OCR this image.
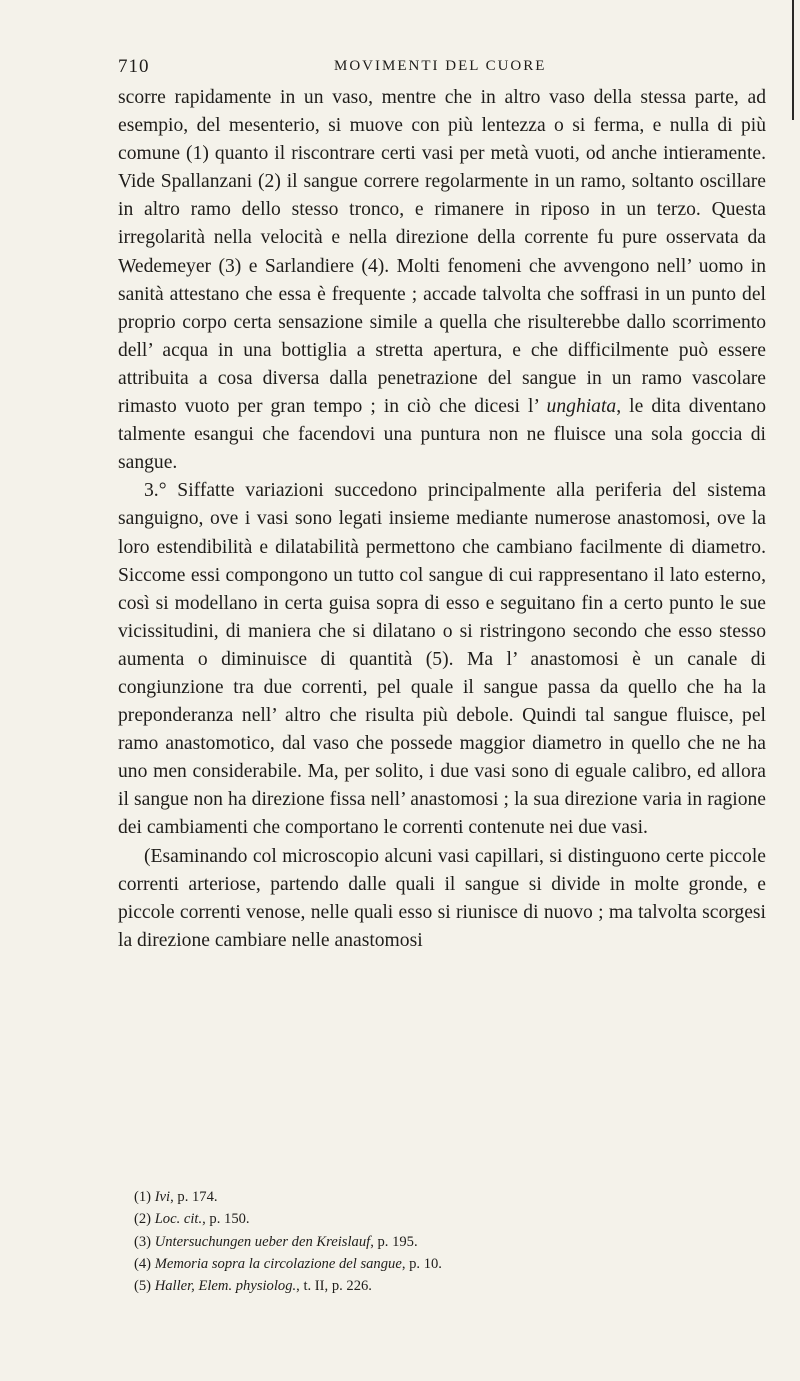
710	MOVIMENTI DEL CUORE

scorre rapidamente in un vaso, mentre che in altro vaso della stessa parte, ad esempio, del mesenterio, si muove con più lentezza o si ferma, e nulla di più comune (1) quanto il riscontrare certi vasi per metà vuoti, od anche intieramente. Vide Spallanzani (2) il sangue correre regolarmente in un ramo, soltanto oscillare in altro ramo dello stesso tronco, e rimanere in riposo in un terzo. Questa irregolarità nella velocità e nella direzione della corrente fu pure osservata da Wedemeyer (3) e Sarlandiere (4). Molti fenomeni che avvengono nell’ uomo in sanità attestano che essa è frequente ; accade talvolta che soffrasi in un punto del proprio corpo certa sensazione simile a quella che risulterebbe dallo scorrimento dell’ acqua in una bottiglia a stretta apertura, e che difficilmente può essere attribuita a cosa diversa dalla penetrazione del sangue in un ramo vascolare rimasto vuoto per gran tempo ; in ciò che dicesi l’ unghiata, le dita diventano talmente esangui che facendovi una puntura non ne fluisce una sola goccia di sangue.

3.° Siffatte variazioni succedono principalmente alla periferia del sistema sanguigno, ove i vasi sono legati insieme mediante numerose anastomosi, ove la loro estendibilità e dilatabilità permettono che cambiano facilmente di diametro. Siccome essi compongono un tutto col sangue di cui rappresentano il lato esterno, così si modellano in certa guisa sopra di esso e seguitano fin a certo punto le sue vicissitudini, di maniera che si dilatano o si ristringono secondo che esso stesso aumenta o diminuisce di quantità (5). Ma l’ anastomosi è un canale di congiunzione tra due correnti, pel quale il sangue passa da quello che ha la preponderanza nell’ altro che risulta più debole. Quindi tal sangue fluisce, pel ramo anastomotico, dal vaso che possede maggior diametro in quello che ne ha uno men considerabile. Ma, per solito, i due vasi sono di eguale calibro, ed allora il sangue non ha direzione fissa nell’ anastomosi ; la sua direzione varia in ragione dei cambiamenti che comportano le correnti contenute nei due vasi.

(Esaminando col microscopio alcuni vasi capillari, si distinguono certe piccole correnti arteriose, partendo dalle quali il sangue si divide in molte gronde, e piccole correnti venose, nelle quali esso si riunisce di nuovo ; ma talvolta scorgesi la direzione cambiare nelle anastomosi

(1) Ivi, p. 174.
(2) Loc. cit., p. 150.
(3) Untersuchungen ueber den Kreislauf, p. 195.
(4) Memoria sopra la circolazione del sangue, p. 10.
(5) Haller, Elem. physiolog., t. II, p. 226.
